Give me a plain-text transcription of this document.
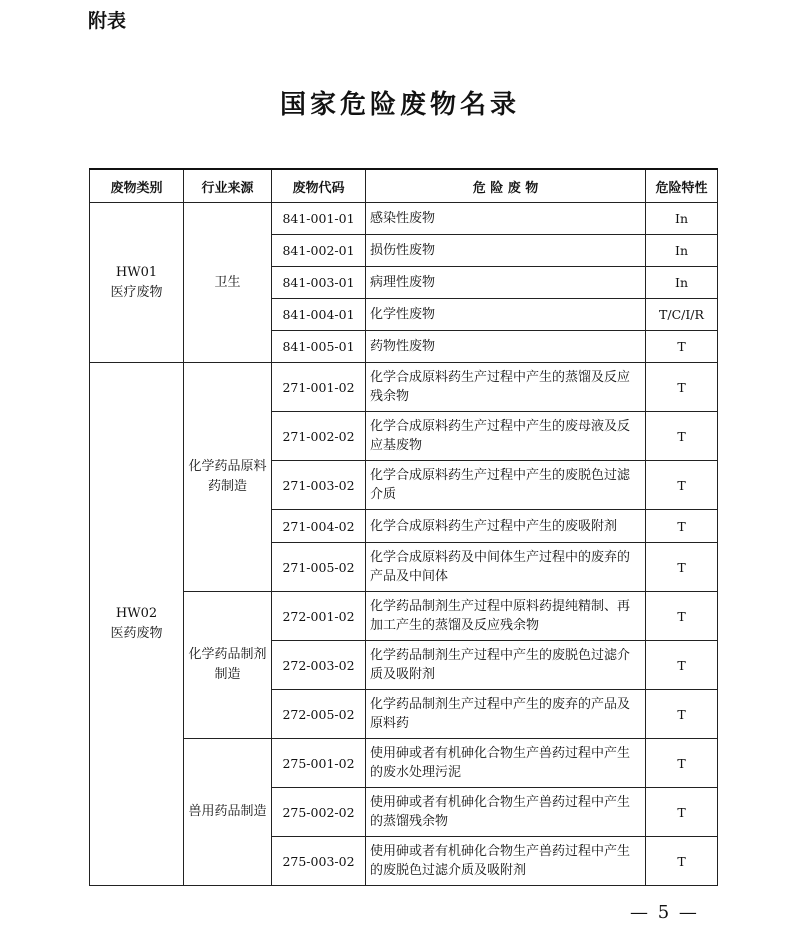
附表
国家危险废物名录
废物类别	行业来源	废物代码	危 险 废 物	危险特性

HW01
医疗废物	卫生	841-001-01	感染性废物	In
		841-002-01	损伤性废物	In
		841-003-01	病理性废物	In
		841-004-01	化学性废物	T/C/I/R
		841-005-01	药物性废物	T

HW02
医药废物	化学药品原料药制造	271-001-02	化学合成原料药生产过程中产生的蒸馏及反应残余物	T
		271-002-02	化学合成原料药生产过程中产生的废母液及反应基废物	T
		271-003-02	化学合成原料药生产过程中产生的废脱色过滤介质	T
		271-004-02	化学合成原料药生产过程中产生的废吸附剂	T
		271-005-02	化学合成原料药及中间体生产过程中的废弃的产品及中间体	T
	化学药品制剂制造	272-001-02	化学药品制剂生产过程中原料药提纯精制、再加工产生的蒸馏及反应残余物	T
		272-003-02	化学药品制剂生产过程中产生的废脱色过滤介质及吸附剂	T
		272-005-02	化学药品制剂生产过程中产生的废弃的产品及原料药	T
	兽用药品制造	275-001-02	使用砷或者有机砷化合物生产兽药过程中产生的废水处理污泥	T
		275-002-02	使用砷或者有机砷化合物生产兽药过程中产生的蒸馏残余物	T
		275-003-02	使用砷或者有机砷化合物生产兽药过程中产生的废脱色过滤介质及吸附剂	T
— 5 —
